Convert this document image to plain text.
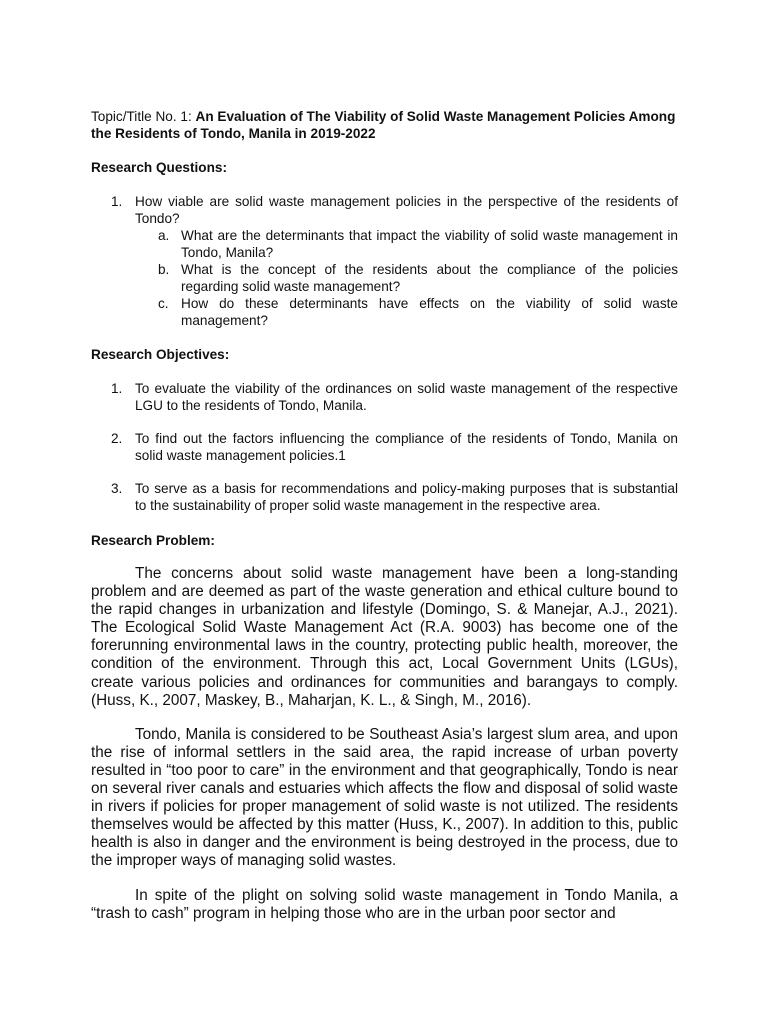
Topic/Title No. 1: An Evaluation of The Viability of Solid Waste Management Policies Among the Residents of Tondo, Manila in 2019-2022
Research Questions:
1. How viable are solid waste management policies in the perspective of the residents of Tondo?
a. What are the determinants that impact the viability of solid waste management in Tondo, Manila?
b. What is the concept of the residents about the compliance of the policies regarding solid waste management?
c. How do these determinants have effects on the viability of solid waste management?
Research Objectives:
1. To evaluate the viability of the ordinances on solid waste management of the respective LGU to the residents of Tondo, Manila.
2. To find out the factors influencing the compliance of the residents of Tondo, Manila on solid waste management policies.1
3. To serve as a basis for recommendations and policy-making purposes that is substantial to the sustainability of proper solid waste management in the respective area.
Research Problem:

The concerns about solid waste management have been a long-standing problem and are deemed as part of the waste generation and ethical culture bound to the rapid changes in urbanization and lifestyle (Domingo, S. & Manejar, A.J., 2021). The Ecological Solid Waste Management Act (R.A. 9003) has become one of the forerunning environmental laws in the country, protecting public health, moreover, the condition of the environment. Through this act, Local Government Units (LGUs), create various policies and ordinances for communities and barangays to comply. (Huss, K., 2007, Maskey, B., Maharjan, K. L., & Singh, M., 2016).

Tondo, Manila is considered to be Southeast Asia’s largest slum area, and upon the rise of informal settlers in the said area, the rapid increase of urban poverty resulted in “too poor to care” in the environment and that geographically, Tondo is near on several river canals and estuaries which affects the flow and disposal of solid waste in rivers if policies for proper management of solid waste is not utilized. The residents themselves would be affected by this matter (Huss, K., 2007). In addition to this, public health is also in danger and the environment is being destroyed in the process, due to the improper ways of managing solid wastes.

In spite of the plight on solving solid waste management in Tondo Manila, a “trash to cash” program in helping those who are in the urban poor sector and
